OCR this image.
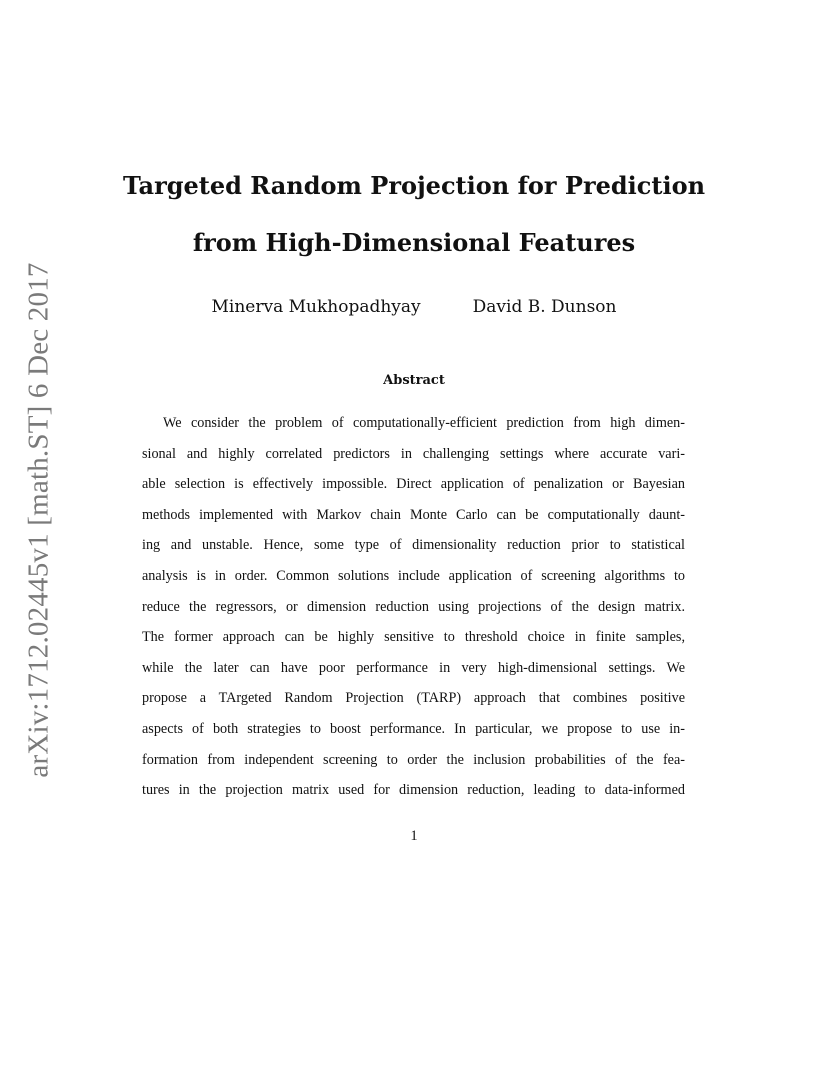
arXiv:1712.02445v1 [math.ST] 6 Dec 2017
Targeted Random Projection for Prediction
from High-Dimensional Features
Minerva Mukhopadhyay	David B. Dunson
Abstract
We consider the problem of computationally-efficient prediction from high dimen-
sional and highly correlated predictors in challenging settings where accurate vari-
able selection is effectively impossible. Direct application of penalization or Bayesian
methods implemented with Markov chain Monte Carlo can be computationally daunt-
ing and unstable. Hence, some type of dimensionality reduction prior to statistical
analysis is in order. Common solutions include application of screening algorithms to
reduce the regressors, or dimension reduction using projections of the design matrix.
The former approach can be highly sensitive to threshold choice in finite samples,
while the later can have poor performance in very high-dimensional settings. We
propose a TArgeted Random Projection (TARP) approach that combines positive
aspects of both strategies to boost performance. In particular, we propose to use in-
formation from independent screening to order the inclusion probabilities of the fea-
tures in the projection matrix used for dimension reduction, leading to data-informed
1
